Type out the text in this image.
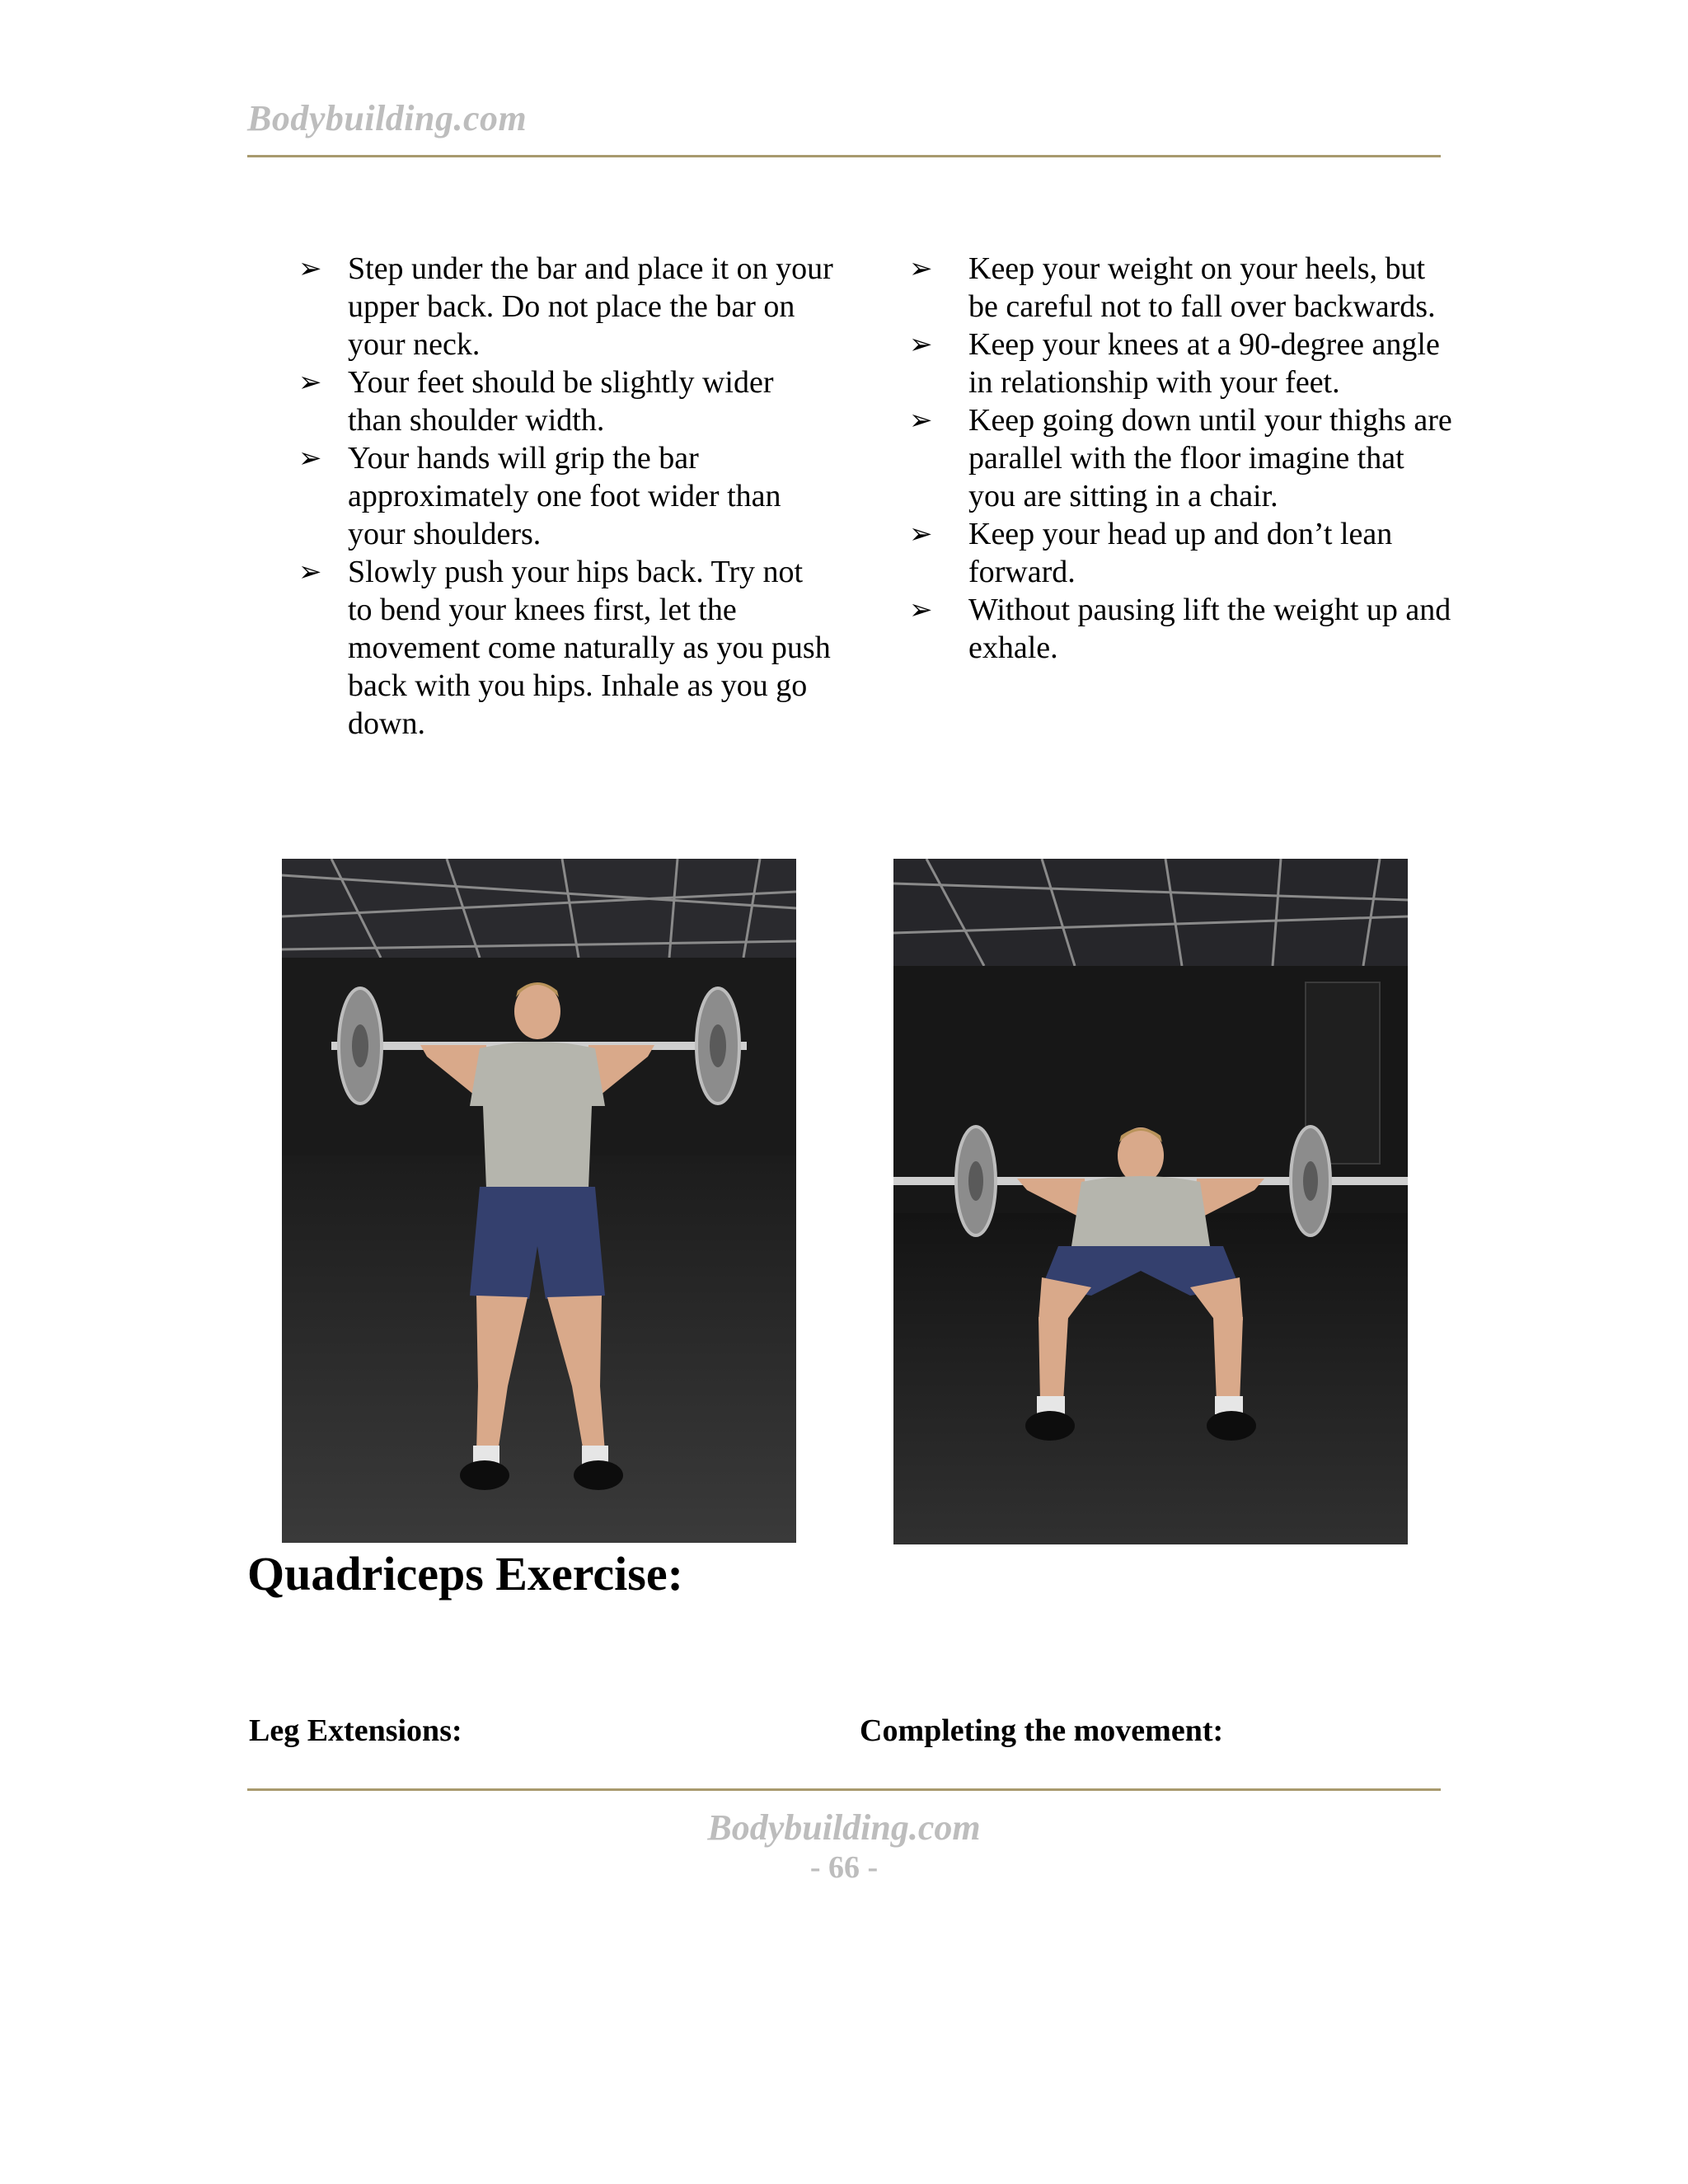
Bodybuilding.com
➢ Step under the bar and place it on your upper back. Do not place the bar on your neck.
➢ Your feet should be slightly wider than shoulder width.
➢ Your hands will grip the bar approximately one foot wider than your shoulders.
➢ Slowly push your hips back. Try not to bend your knees first, let the movement come naturally as you push back with you hips. Inhale as you go down.
➢	Keep your weight on your heels, but be careful not to fall over backwards.
➢	Keep your knees at a 90-degree angle in relationship with your feet.
➢	Keep going down until your thighs are parallel with the floor imagine that you are sitting in a chair.
➢	Keep your head up and don’t lean forward.
➢	Without pausing lift the weight up and exhale.
Quadriceps Exercise:
Leg Extensions:	Completing the movement:
Bodybuilding.com
- 66 -
